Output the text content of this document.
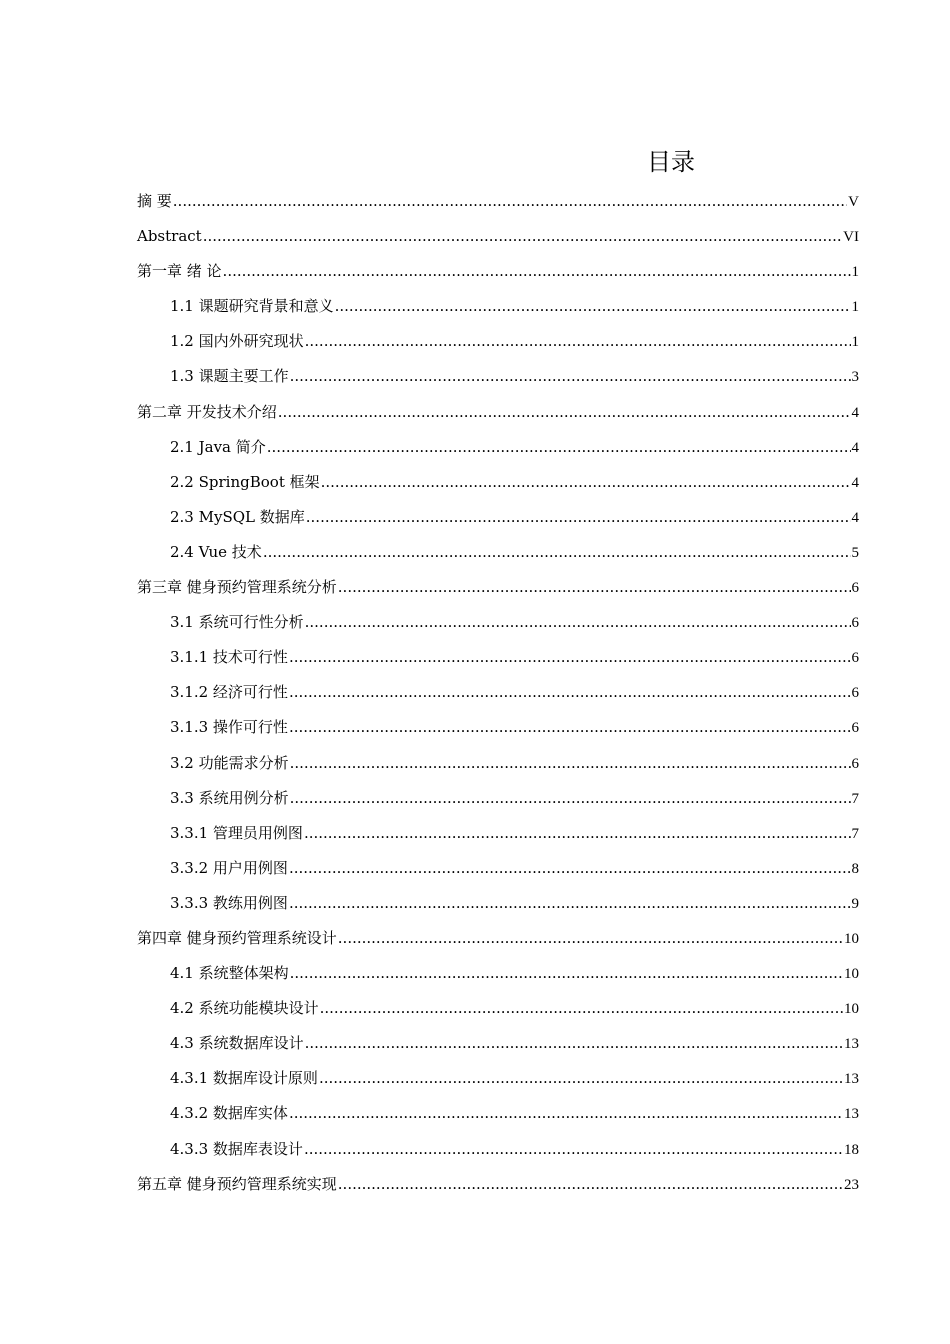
目录
摘 要 .....	V
Abstract .....	VI
第一章 绪 论 .....	1
1.1 课题研究背景和意义 .....	1
1.2 国内外研究现状 .....	1
1.3 课题主要工作 .....	3
第二章 开发技术介绍 .....	4
2.1 Java 简介 .....	4
2.2 SpringBoot 框架 .....	4
2.3 MySQL 数据库 .....	4
2.4 Vue 技术 .....	5
第三章 健身预约管理系统分析 .....	6
3.1 系统可行性分析 .....	6
3.1.1 技术可行性 .....	6
3.1.2 经济可行性 .....	6
3.1.3 操作可行性 .....	6
3.2 功能需求分析 .....	6
3.3 系统用例分析 .....	7
3.3.1 管理员用例图 .....	7
3.3.2 用户用例图 .....	8
3.3.3 教练用例图 .....	9
第四章 健身预约管理系统设计 .....	10
4.1 系统整体架构 .....	10
4.2 系统功能模块设计 .....	10
4.3 系统数据库设计 .....	13
4.3.1 数据库设计原则 .....	13
4.3.2 数据库实体 .....	13
4.3.3 数据库表设计 .....	18
第五章 健身预约管理系统实现 .....	23
